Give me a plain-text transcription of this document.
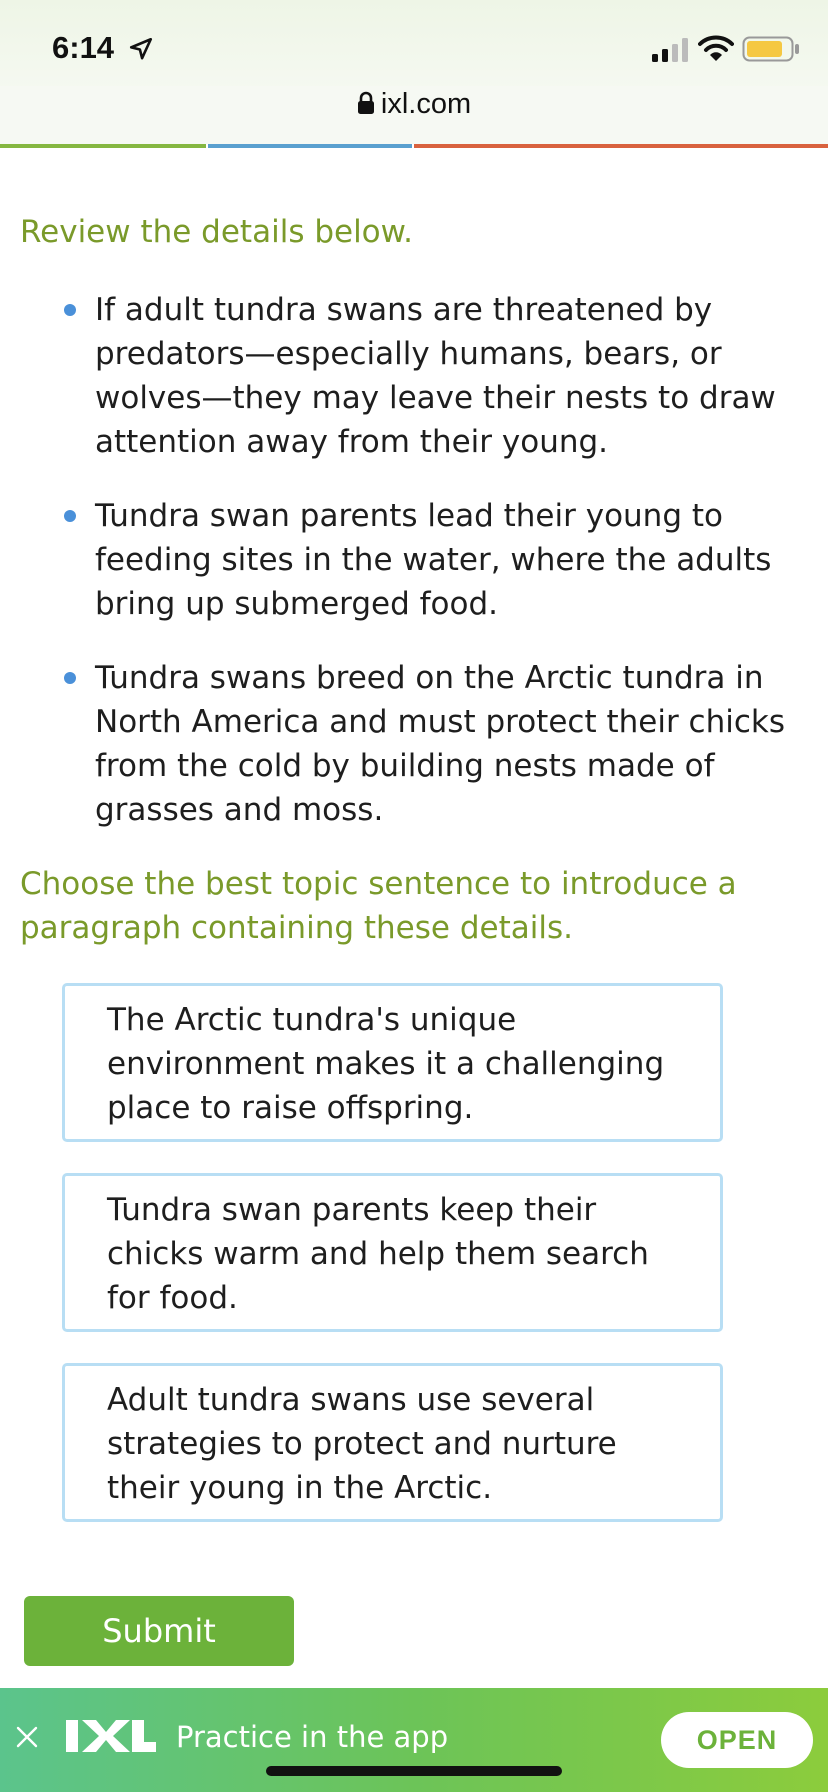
6:14
ixl.com
Review the details below.
If adult tundra swans are threatened by predators—especially humans, bears, or wolves—they may leave their nests to draw attention away from their young.
Tundra swan parents lead their young to feeding sites in the water, where the adults bring up submerged food.
Tundra swans breed on the Arctic tundra in North America and must protect their chicks from the cold by building nests made of grasses and moss.
Choose the best topic sentence to introduce a paragraph containing these details.
The Arctic tundra's unique environment makes it a challenging place to raise offspring.
Tundra swan parents keep their chicks warm and help them search for food.
Adult tundra swans use several strategies to protect and nurture their young in the Arctic.
Submit
Practice in the app	OPEN
